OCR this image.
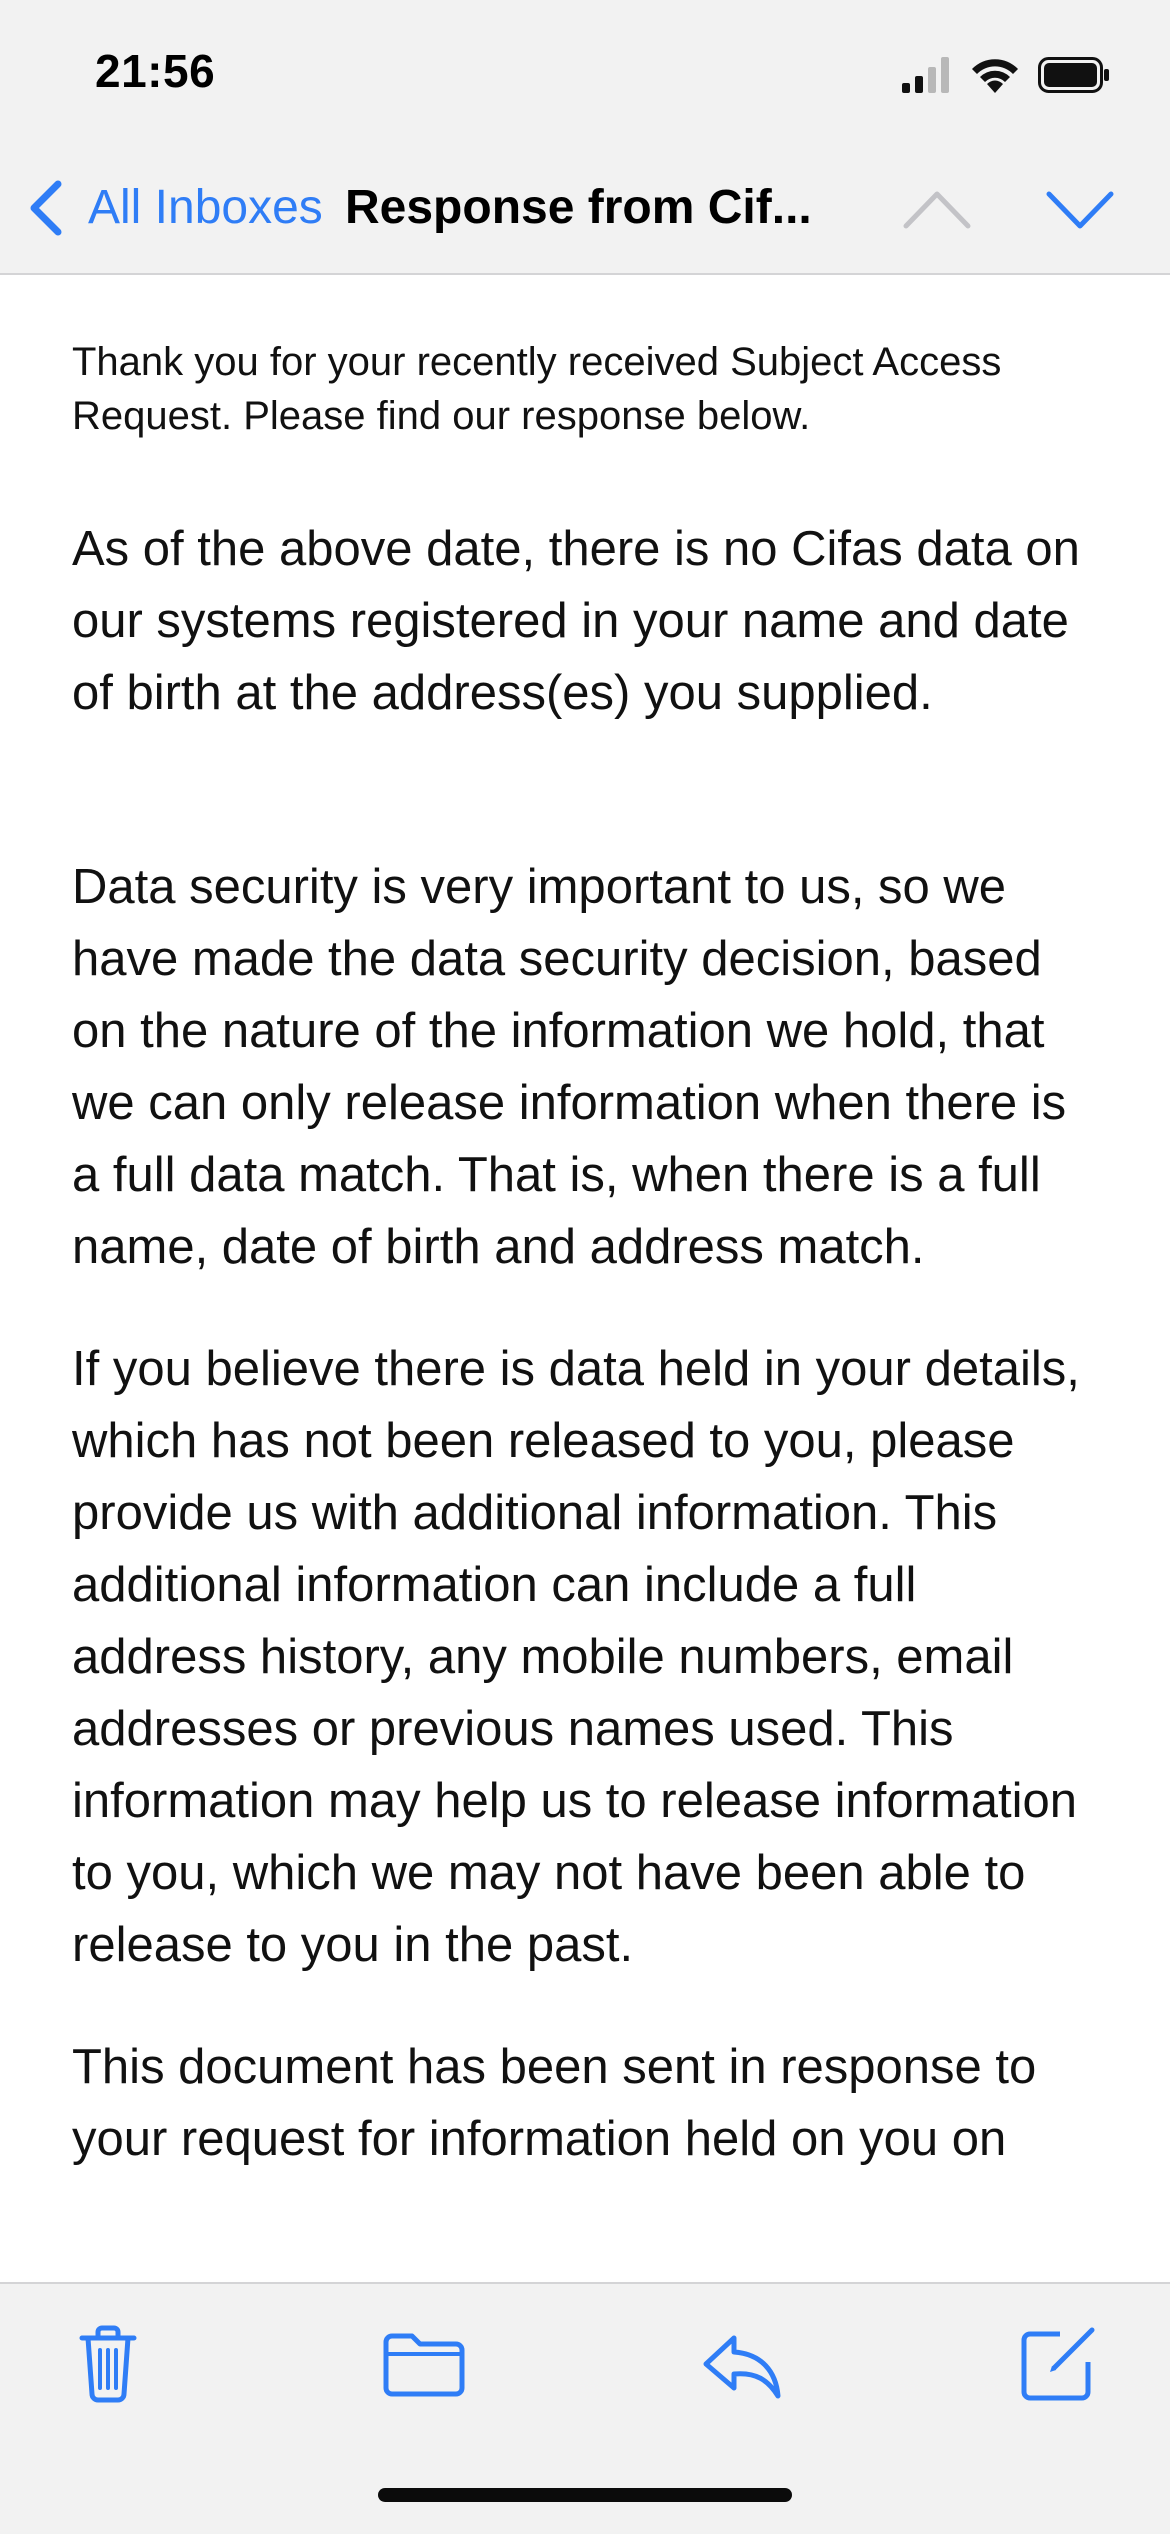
21:56
All Inboxes Response from Cif...

Thank you for your recently received Subject Access Request. Please find our response below.

As of the above date, there is no Cifas data on our systems registered in your name and date of birth at the address(es) you supplied.

Data security is very important to us, so we have made the data security decision, based on the nature of the information we hold, that we can only release information when there is a full data match. That is, when there is a full name, date of birth and address match.

If you believe there is data held in your details, which has not been released to you, please provide us with additional information. This additional information can include a full address history, any mobile numbers, email addresses or previous names used. This information may help us to release information to you, which we may not have been able to release to you in the past.

This document has been sent in response to your request for information held on you on
